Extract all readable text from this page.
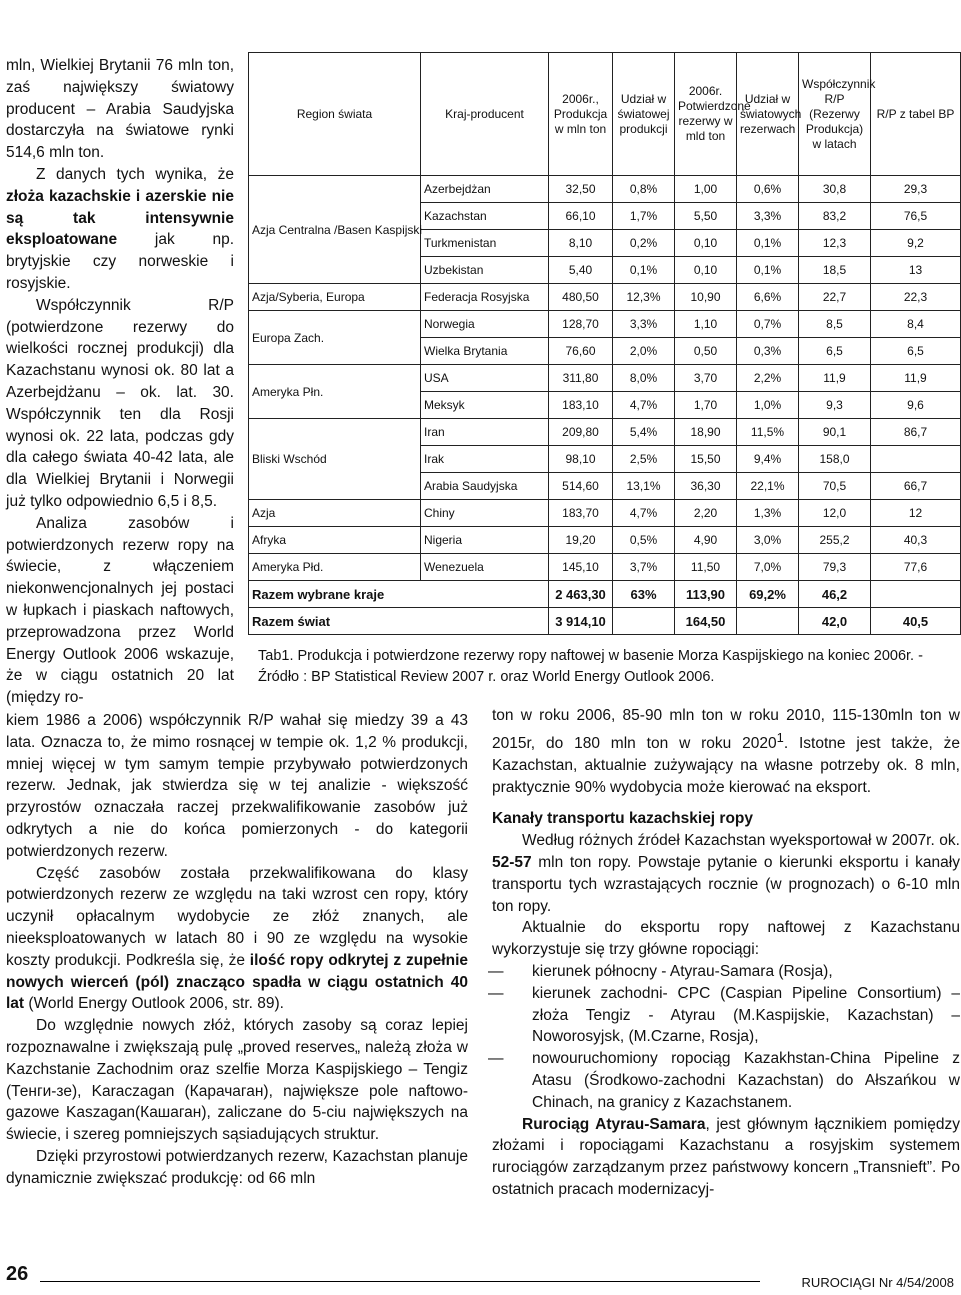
mln, Wielkiej Brytanii 76 mln ton, zaś największy światowy producent – Arabia Saudyjska dostarczyła na światowe rynki 514,6 mln ton.

Z danych tych wynika, że złoża kazachskie i azerskie nie są tak intensywnie eksploatowane jak np. brytyjskie czy norweskie i rosyjskie.

Współczynnik R/P (potwierdzone rezerwy do wielkości rocznej produkcji) dla Kazachstanu wynosi ok. 80 lat a Azerbejdżanu – ok. lat. 30. Współczynnik ten dla Rosji wynosi ok. 22 lata, podczas gdy dla całego świata 40-42 lata, ale dla Wielkiej Brytanii i Norwegii już tylko odpowiednio 6,5 i 8,5.

Analiza zasobów i potwierdzonych rezerw ropy na świecie, z włączeniem niekonwencjonalnych jej postaci w łupkach i piaskach naftowych, przeprowadzona przez World Energy Outlook 2006 wskazuje, że w ciągu ostatnich 20 lat (między ro-

Region świata	Kraj-producent	2006r., Produkcja w mln ton	Udział w światowej produkcji	2006r. Potwierdzone rezerwy w mld ton	Udział w światowych rezerwach	Współczynnik R/P (Rezerwy Produkcja) w latach	R/P z tabel BP
Azja Centralna /Basen Kaspijski	Azerbejdżan	32,50	0,8%	1,00	0,6%	30,8	29,3
	Kazachstan	66,10	1,7%	5,50	3,3%	83,2	76,5
	Turkmenistan	8,10	0,2%	0,10	0,1%	12,3	9,2
	Uzbekistan	5,40	0,1%	0,10	0,1%	18,5	13
Azja/Syberia, Europa	Federacja Rosyjska	480,50	12,3%	10,90	6,6%	22,7	22,3
Europa Zach.	Norwegia	128,70	3,3%	1,10	0,7%	8,5	8,4
	Wielka Brytania	76,60	2,0%	0,50	0,3%	6,5	6,5
Ameryka Płn.	USA	311,80	8,0%	3,70	2,2%	11,9	11,9
	Meksyk	183,10	4,7%	1,70	1,0%	9,3	9,6
Bliski Wschód	Iran	209,80	5,4%	18,90	11,5%	90,1	86,7
	Irak	98,10	2,5%	15,50	9,4%	158,0	
	Arabia Saudyjska	514,60	13,1%	36,30	22,1%	70,5	66,7
Azja	Chiny	183,70	4,7%	2,20	1,3%	12,0	12
Afryka	Nigeria	19,20	0,5%	4,90	3,0%	255,2	40,3
Ameryka Płd.	Wenezuela	145,10	3,7%	11,50	7,0%	79,3	77,6
Razem wybrane kraje		2 463,30	63%	113,90	69,2%	46,2	
Razem świat		3 914,10		164,50		42,0	40,5
Tab1. Produkcja i potwierdzone rezerwy ropy naftowej w basenie Morza Kaspijskiego na koniec 2006r. - Źródło : BP Statistical Review 2007 r. oraz World Energy Outlook 2006.

kiem 1986 a 2006) współczynnik R/P wahał się miedzy 39 a 43 lata. Oznacza to, że mimo rosnącej w tempie ok. 1,2 % produkcji, mniej więcej w tym samym tempie przybywało potwierdzonych rezerw. Jednak, jak stwierdza się w tej analizie - większość przyrostów oznaczała raczej przekwalifikowanie zasobów już odkrytych a nie do końca pomierzonych - do kategorii potwierdzonych rezerw.

Część zasobów została przekwalifikowana do klasy potwierdzonych rezerw ze względu na taki wzrost cen ropy, który uczynił opłacalnym wydobycie ze złóż znanych, ale nieeksploatowanych w latach 80 i 90 ze względu na wysokie koszty produkcji. Podkreśla się, że ilość ropy odkrytej z zupełnie nowych wierceń (pól) znacząco spadła w ciągu ostatnich 40 lat (World Energy Outlook 2006, str. 89).

Do względnie nowych złóż, których zasoby są coraz lepiej rozpoznawalne i zwiększają pulę „proved reserves„ należą złoża w Kazchstanie Zachodnim oraz szelfie Morza Kaspijskiego – Tengiz (Тенги-зе), Karaczagan (Карачаган), największe pole naftowo-gazowe Kaszagan(Кашаган), zaliczane do 5-ciu największych na świecie, i szereg pomniejszych sąsiadujących struktur.

Dzięki przyrostowi potwierdzanych rezerw, Kazachstan planuje dynamicznie zwiększać produkcję: od 66 mln

ton w roku 2006, 85-90 mln ton w roku 2010, 115-130mln ton w 2015r, do 180 mln ton w roku 2020$^1$. Istotne jest także, że Kazachstan, aktualnie zużywający na własne potrzeby ok. 8 mln, praktycznie 90% wydobycia może kierować na eksport.

Kanały transportu kazachskiej ropy

Według różnych źródeł Kazachstan wyeksportował w 2007r. ok. 52-57 mln ton ropy. Powstaje pytanie o kierunki eksportu i kanały transportu tych wzrastających rocznie (w prognozach) o 6-10 mln ton ropy.

Aktualnie do eksportu ropy naftowej z Kazachstanu wykorzystuje się trzy główne ropociągi:

— kierunek północny - Atyrau-Samara (Rosja),
— kierunek zachodni- CPC (Caspian Pipeline Consortium) – złoża Tengiz - Atyrau (M.Kaspijskie, Kazachstan) – Noworosyjsk, (M.Czarne, Rosja),
— nowouruchomiony ropociąg Kazakhstan-China Pipeline z Atasu (Środkowo-zachodni Kazachstan) do Ałszańkou w Chinach, na granicy z Kazachstanem.

Rurociąg Atyrau-Samara, jest głównym łącznikiem pomiędzy złożami i ropociągami Kazachstanu a rosyjskim systemem rurociągów zarządzanym przez państwowy koncern „Transnieft”. Po ostatnich pracach modernizacyj-

26	RUROCIĄGI Nr 4/54/2008
